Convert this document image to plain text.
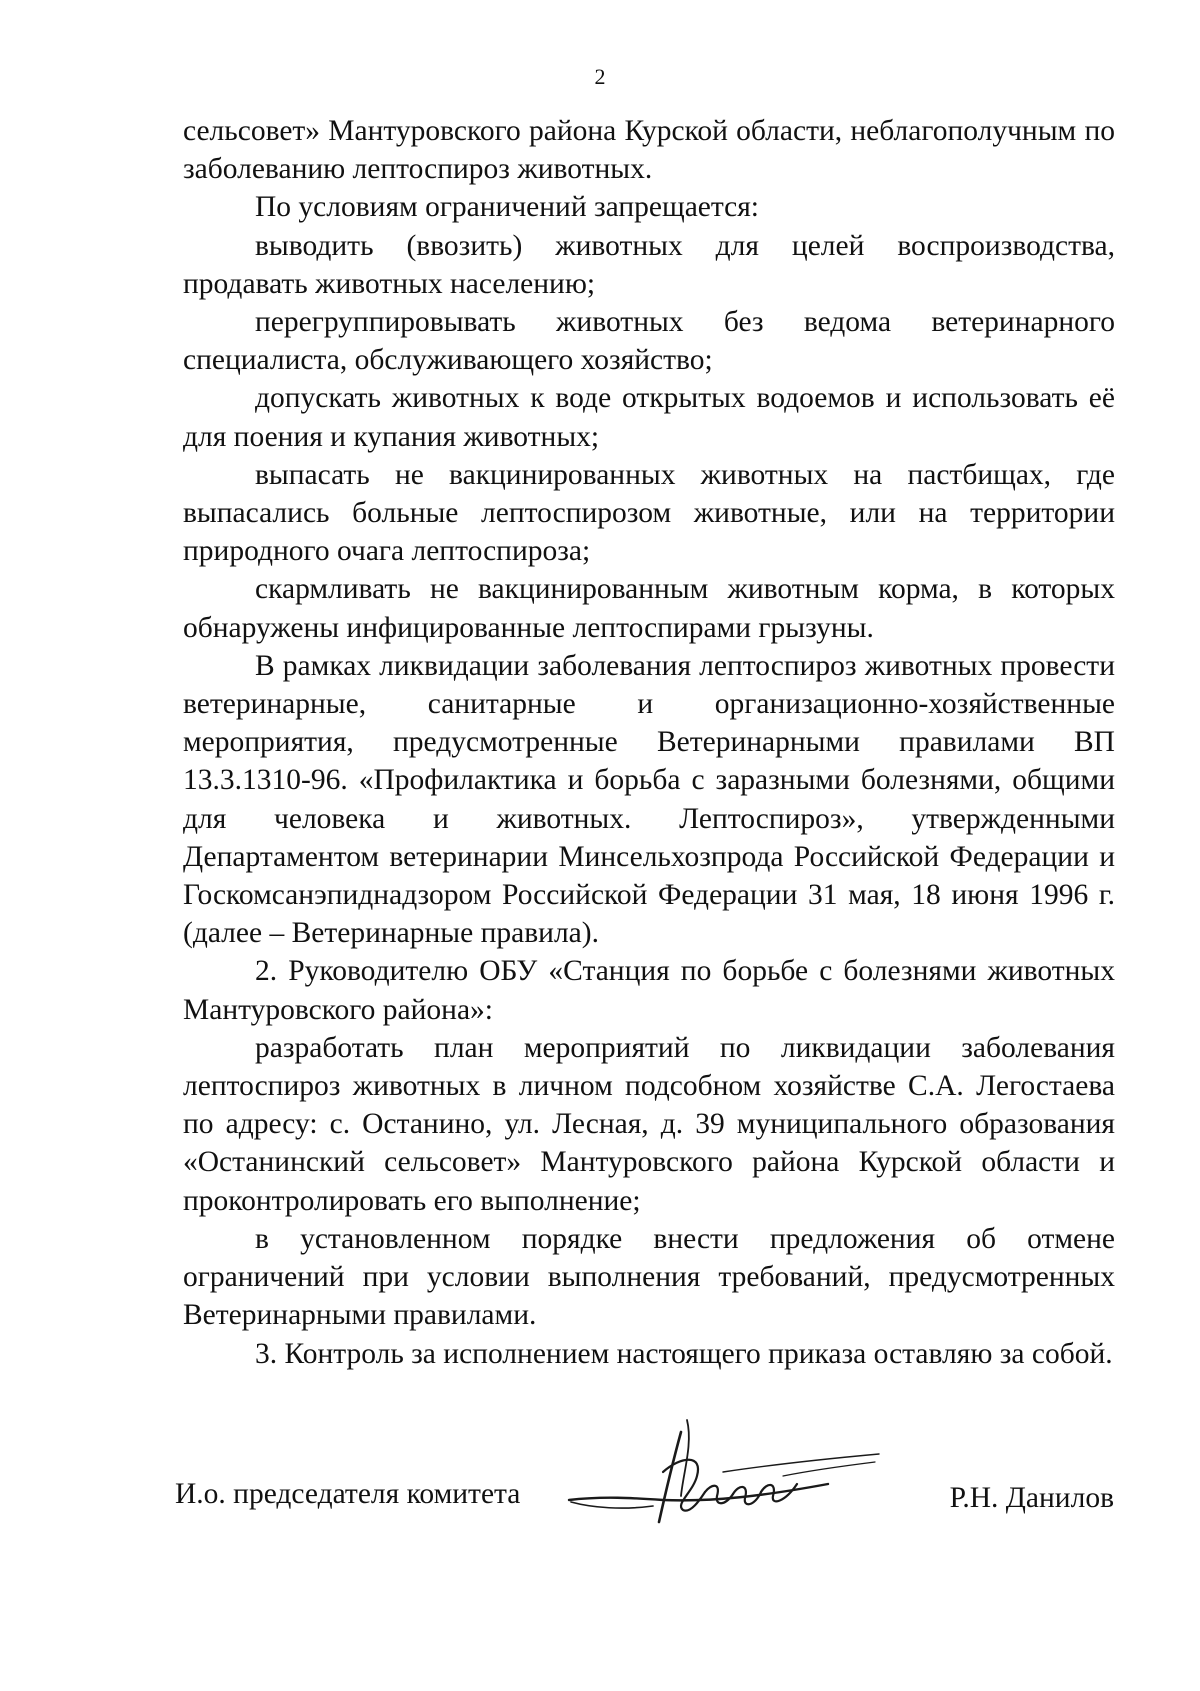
2

сельсовет» Мантуровского района Курской области, неблагополучным по заболеванию лептоспироз животных.

По условиям ограничений запрещается:

выводить (ввозить) животных для целей воспроизводства, продавать животных населению;

перегруппировывать животных без ведома ветеринарного специалиста, обслуживающего хозяйство;

допускать животных к воде открытых водоемов и использовать её для поения и купания животных;

выпасать не вакцинированных животных на пастбищах, где выпасались больные лептоспирозом животные, или на территории природного очага лептоспироза;

скармливать не вакцинированным животным корма, в которых обнаружены инфицированные лептоспирами грызуны.

В рамках ликвидации заболевания лептоспироз животных провести ветеринарные, санитарные и организационно-хозяйственные мероприятия, предусмотренные Ветеринарными правилами ВП 13.3.1310-96. «Профилактика и борьба с заразными болезнями, общими для человека и животных. Лептоспироз», утвержденными Департаментом ветеринарии Минсельхозпрода Российской Федерации и Госкомсанэпиднадзором Российской Федерации 31 мая, 18 июня 1996 г. (далее – Ветеринарные правила).

2. Руководителю ОБУ «Станция по борьбе с болезнями животных Мантуровского района»:

разработать план мероприятий по ликвидации заболевания лептоспироз животных в личном подсобном хозяйстве С.А. Легостаева по адресу: с. Останино, ул. Лесная, д. 39 муниципального образования «Останинский сельсовет» Мантуровского района Курской области и проконтролировать его выполнение;

в установленном порядке внести предложения об отмене ограничений при условии выполнения требований, предусмотренных Ветеринарными правилами.

3. Контроль за исполнением настоящего приказа оставляю за собой.

И.о. председателя комитета	Р.Н. Данилов
